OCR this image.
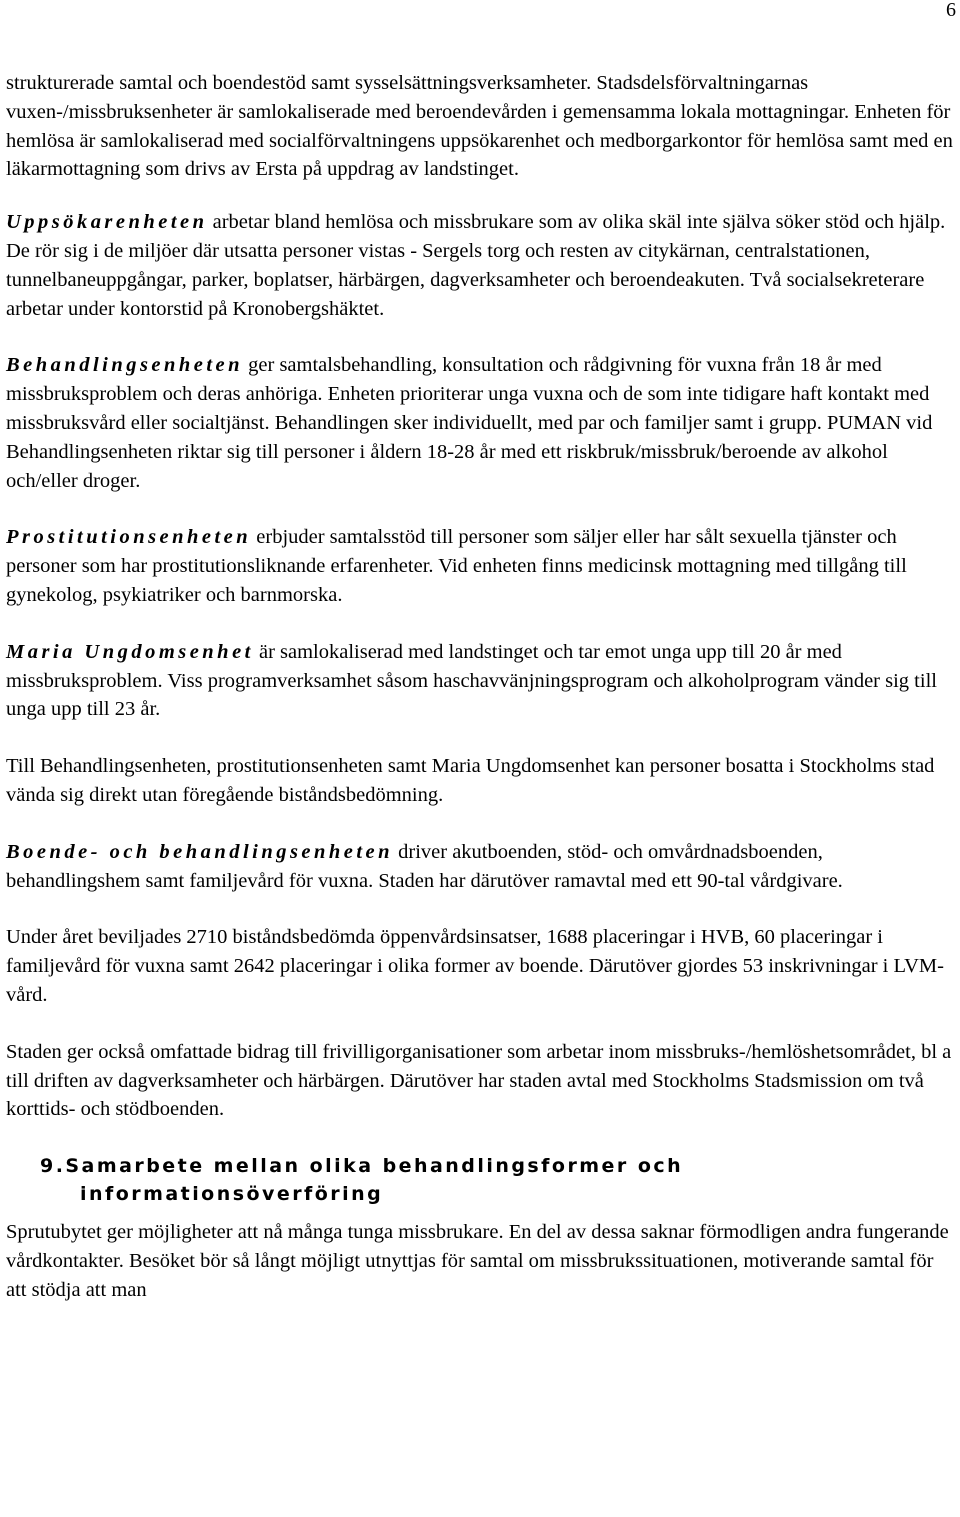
6

strukturerade samtal och boendestöd samt sysselsättningsverksamheter. Stadsdelsförvaltningarnas vuxen-/missbruksenheter är samlokaliserade med beroendevården i gemensamma lokala mottagningar. Enheten för hemlösa är samlokaliserad med socialförvaltningens uppsökarenhet och medborgarkontor för hemlösa samt med en läkarmottagning som drivs av Ersta på uppdrag av landstinget.

Uppsökarenheten arbetar bland hemlösa och missbrukare som av olika skäl inte själva söker stöd och hjälp. De rör sig i de miljöer där utsatta personer vistas - Sergels torg och resten av citykärnan, centralstationen, tunnelbaneuppgångar, parker, boplatser, härbärgen, dagverksamheter och beroendeakuten. Två socialsekreterare arbetar under kontorstid på Kronobergshäktet.

Behandlingsenheten ger samtalsbehandling, konsultation och rådgivning för vuxna från 18 år med missbruksproblem och deras anhöriga. Enheten prioriterar unga vuxna och de som inte tidigare haft kontakt med missbruksvård eller socialtjänst. Behandlingen sker individuellt, med par och familjer samt i grupp. PUMAN vid Behandlingsenheten riktar sig till personer i åldern 18-28 år med ett riskbruk/missbruk/beroende av alkohol och/eller droger.

Prostitutionsenheten erbjuder samtalsstöd till personer som säljer eller har sålt sexuella tjänster och personer som har prostitutionsliknande erfarenheter. Vid enheten finns medicinsk mottagning med tillgång till gynekolog, psykiatriker och barnmorska.

Maria Ungdomsenhet är samlokaliserad med landstinget och tar emot unga upp till 20 år med missbruksproblem. Viss programverksamhet såsom haschavvänjningsprogram och alkoholprogram vänder sig till unga upp till 23 år.

Till Behandlingsenheten, prostitutionsenheten samt Maria Ungdomsenhet kan personer bosatta i Stockholms stad vända sig direkt utan föregående biståndsbedömning.

Boende- och behandlingsenheten driver akutboenden, stöd- och omvårdnadsboenden, behandlingshem samt familjevård för vuxna. Staden har därutöver ramavtal med ett 90-tal vårdgivare.

Under året beviljades 2710 biståndsbedömda öppenvårdsinsatser, 1688 placeringar i HVB, 60 placeringar i familjevård för vuxna samt 2642 placeringar i olika former av boende. Därutöver gjordes 53 inskrivningar i LVM-vård.

Staden ger också omfattade bidrag till frivilligorganisationer som arbetar inom missbruks-/hemlöshetsområdet, bl a till driften av dagverksamheter och härbärgen. Därutöver har staden avtal med Stockholms Stadsmission om två korttids- och stödboenden.

9.Samarbete mellan olika behandlingsformer och
informationsöverföring

Sprutubytet ger möjligheter att nå många tunga missbrukare. En del av dessa saknar förmodligen andra fungerande vårdkontakter. Besöket bör så långt möjligt utnyttjas för samtal om missbrukssituationen, motiverande samtal för att stödja att man
